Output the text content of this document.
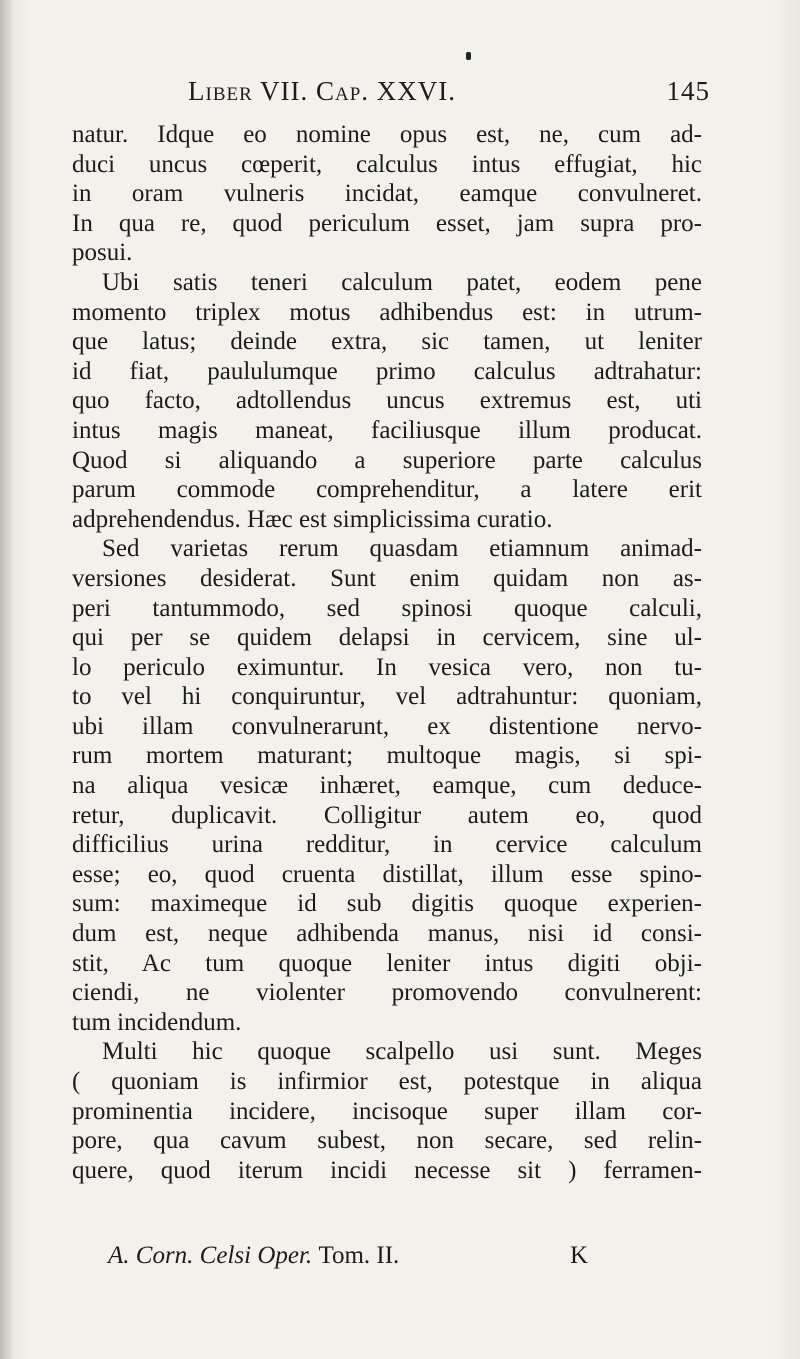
Liber VII. Cap. XXVI.	145
natur. Idque eo nomine opus est, ne, cum ad-
duci uncus cœperit, calculus intus effugiat, hic
in oram vulneris incidat, eamque convulneret.
In qua re, quod periculum esset, jam supra pro-
posui.
Ubi satis teneri calculum patet, eodem pene
momento triplex motus adhibendus est: in utrum-
que latus; deinde extra, sic tamen, ut leniter
id fiat, paululumque primo calculus adtrahatur:
quo facto, adtollendus uncus extremus est, uti
intus magis maneat, faciliusque illum producat.
Quod si aliquando a superiore parte calculus
parum commode comprehenditur, a latere erit
adprehendendus. Hæc est simplicissima curatio.
Sed varietas rerum quasdam etiamnum animad-
versiones desiderat. Sunt enim quidam non as-
peri tantummodo, sed spinosi quoque calculi,
qui per se quidem delapsi in cervicem, sine ul-
lo periculo eximuntur. In vesica vero, non tu-
to vel hi conquiruntur, vel adtrahuntur: quoniam,
ubi illam convulnerarunt, ex distentione nervo-
rum mortem maturant; multoque magis, si spi-
na aliqua vesicæ inhæret, eamque, cum deduce-
retur, duplicavit. Colligitur autem eo, quod
difficilius urina redditur, in cervice calculum
esse; eo, quod cruenta distillat, illum esse spino-
sum: maximeque id sub digitis quoque experien-
dum est, neque adhibenda manus, nisi id consi-
stit, Ac tum quoque leniter intus digiti obji-
ciendi, ne violenter promovendo convulnerent:
tum incidendum.
Multi hic quoque scalpello usi sunt. Meges
( quoniam is infirmior est, potestque in aliqua
prominentia incidere, incisoque super illam cor-
pore, qua cavum subest, non secare, sed relin-
quere, quod iterum incidi necesse sit ) ferramen-
A. Corn. Celsi Oper. Tom. II.	K
